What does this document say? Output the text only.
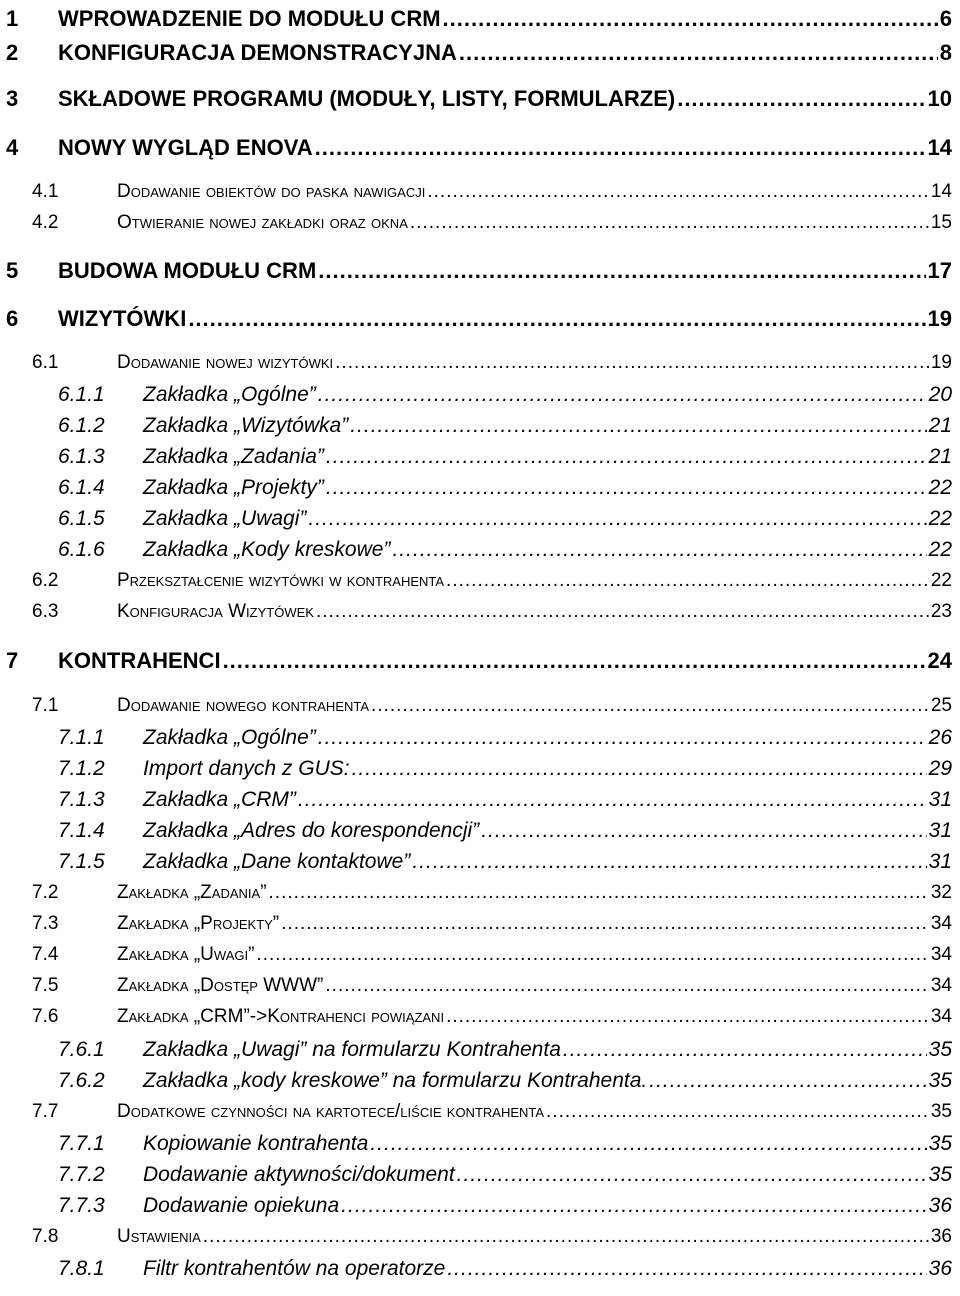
1	WPROWADZENIE DO MODUŁU CRM .....	6
2	KONFIGURACJA DEMONSTRACYJNA .....	8
3	SKŁADOWE PROGRAMU (MODUŁY, LISTY, FORMULARZE) .....	10
4	NOWY WYGLĄD ENOVA .....	14
4.1	Dodawanie obiektów do paska nawigacji .....	14
4.2	Otwieranie nowej zakładki oraz okna .....	15
5	BUDOWA MODUŁU CRM .....	17
6	WIZYTÓWKI .....	19
6.1	Dodawanie nowej wizytówki .....	19
6.1.1	Zakładka „Ogólne” .....	20
6.1.2	Zakładka „Wizytówka” .....	21
6.1.3	Zakładka „Zadania” .....	21
6.1.4	Zakładka „Projekty” .....	22
6.1.5	Zakładka „Uwagi” .....	22
6.1.6	Zakładka „Kody kreskowe” .....	22
6.2	Przekształcenie wizytówki w kontrahenta .....	22
6.3	Konfiguracja Wizytówek .....	23
7	KONTRAHENCI .....	24
7.1	Dodawanie nowego kontrahenta .....	25
7.1.1	Zakładka „Ogólne” .....	26
7.1.2	Import danych z GUS: .....	29
7.1.3	Zakładka „CRM” .....	31
7.1.4	Zakładka „Adres do korespondencji” .....	31
7.1.5	Zakładka „Dane kontaktowe” .....	31
7.2	Zakładka „Zadania” .....	32
7.3	Zakładka „Projekty” .....	34
7.4	Zakładka „Uwagi” .....	34
7.5	Zakładka „Dostęp WWW” .....	34
7.6	Zakładka „CRM”->Kontrahenci powiązani .....	34
7.6.1	Zakładka „Uwagi” na formularzu Kontrahenta .....	35
7.6.2	Zakładka „kody kreskowe” na formularzu Kontrahenta. .....	35
7.7	Dodatkowe czynności na kartotece/liście kontrahenta .....	35
7.7.1	Kopiowanie kontrahenta .....	35
7.7.2	Dodawanie aktywności/dokument .....	35
7.7.3	Dodawanie opiekuna .....	36
7.8	Ustawienia .....	36
7.8.1	Filtr kontrahentów na operatorze .....	36
